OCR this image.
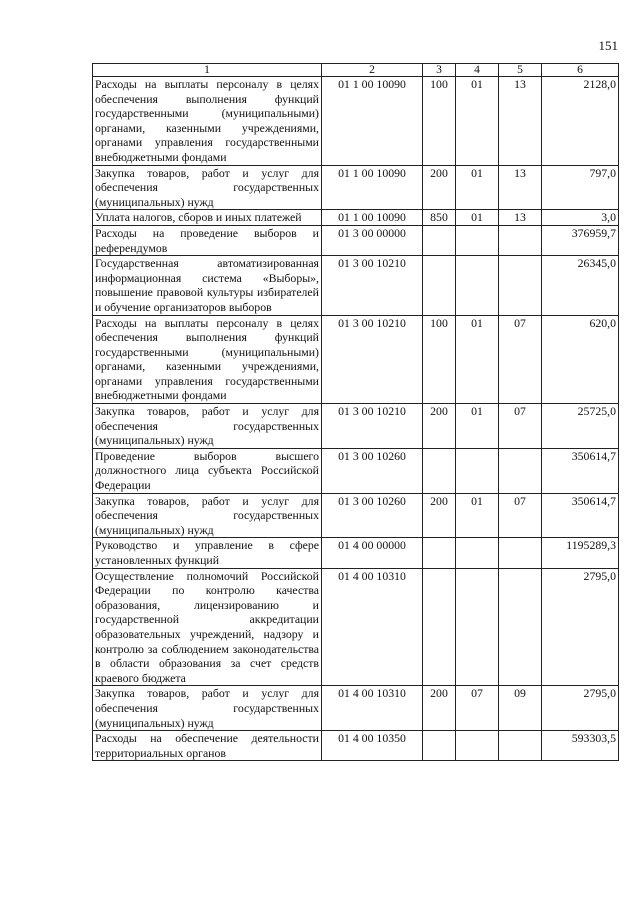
151
1	2	3	4	5	6
Расходы на выплаты персоналу в целях обеспечения выполнения функций государственными (муниципальными) органами, казенными учреждениями, органами управления государственными внебюджетными фондами	01 1 00 10090	100	01	13	2128,0
Закупка товаров, работ и услуг для обеспечения государственных (муниципальных) нужд	01 1 00 10090	200	01	13	797,0
Уплата налогов, сборов и иных платежей	01 1 00 10090	850	01	13	3,0
Расходы на проведение выборов и референдумов	01 3 00 00000				376959,7
Государственная автоматизированная информационная система «Выборы», повышение правовой культуры избирателей и обучение организаторов выборов	01 3 00 10210				26345,0
Расходы на выплаты персоналу в целях обеспечения выполнения функций государственными (муниципальными) органами, казенными учреждениями, органами управления государственными внебюджетными фондами	01 3 00 10210	100	01	07	620,0
Закупка товаров, работ и услуг для обеспечения государственных (муниципальных) нужд	01 3 00 10210	200	01	07	25725,0
Проведение выборов высшего должностного лица субъекта Российской Федерации	01 3 00 10260				350614,7
Закупка товаров, работ и услуг для обеспечения государственных (муниципальных) нужд	01 3 00 10260	200	01	07	350614,7
Руководство и управление в сфере установленных функций	01 4 00 00000				1195289,3
Осуществление полномочий Российской Федерации по контролю качества образования, лицензированию и государственной аккредитации образовательных учреждений, надзору и контролю за соблюдением законодательства в области образования за счет средств краевого бюджета	01 4 00 10310				2795,0
Закупка товаров, работ и услуг для обеспечения государственных (муниципальных) нужд	01 4 00 10310	200	07	09	2795,0
Расходы на обеспечение деятельности территориальных органов	01 4 00 10350				593303,5
